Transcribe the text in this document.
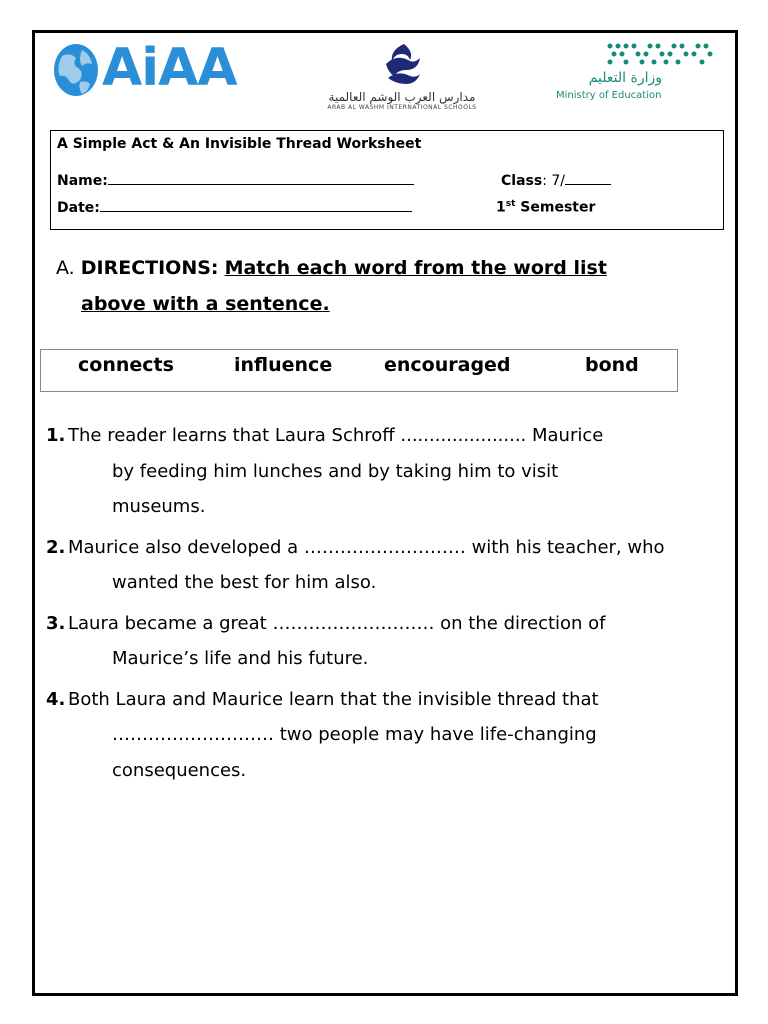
AiAA	مدارس العرب الوشم العالمية
ARAB AL WASHM INTERNATIONAL SCHOOLS
وزارة التعليم
Ministry of Education
A Simple Act & An Invisible Thread Worksheet
Name:
Date:
Class: 7/
1st Semester
A. DIRECTIONS: Match each word from the word list
above with a sentence.
connects	influence	encouraged	bond
1. The reader learns that Laura Schroff ...................... Maurice
by feeding him lunches and by taking him to visit
museums.
2. Maurice also developed a ……………………… with his teacher, who
wanted the best for him also.
3. Laura became a great ……………………… on the direction of
Maurice’s life and his future.
4. Both Laura and Maurice learn that the invisible thread that
……………………… two people may have life-changing
consequences.
